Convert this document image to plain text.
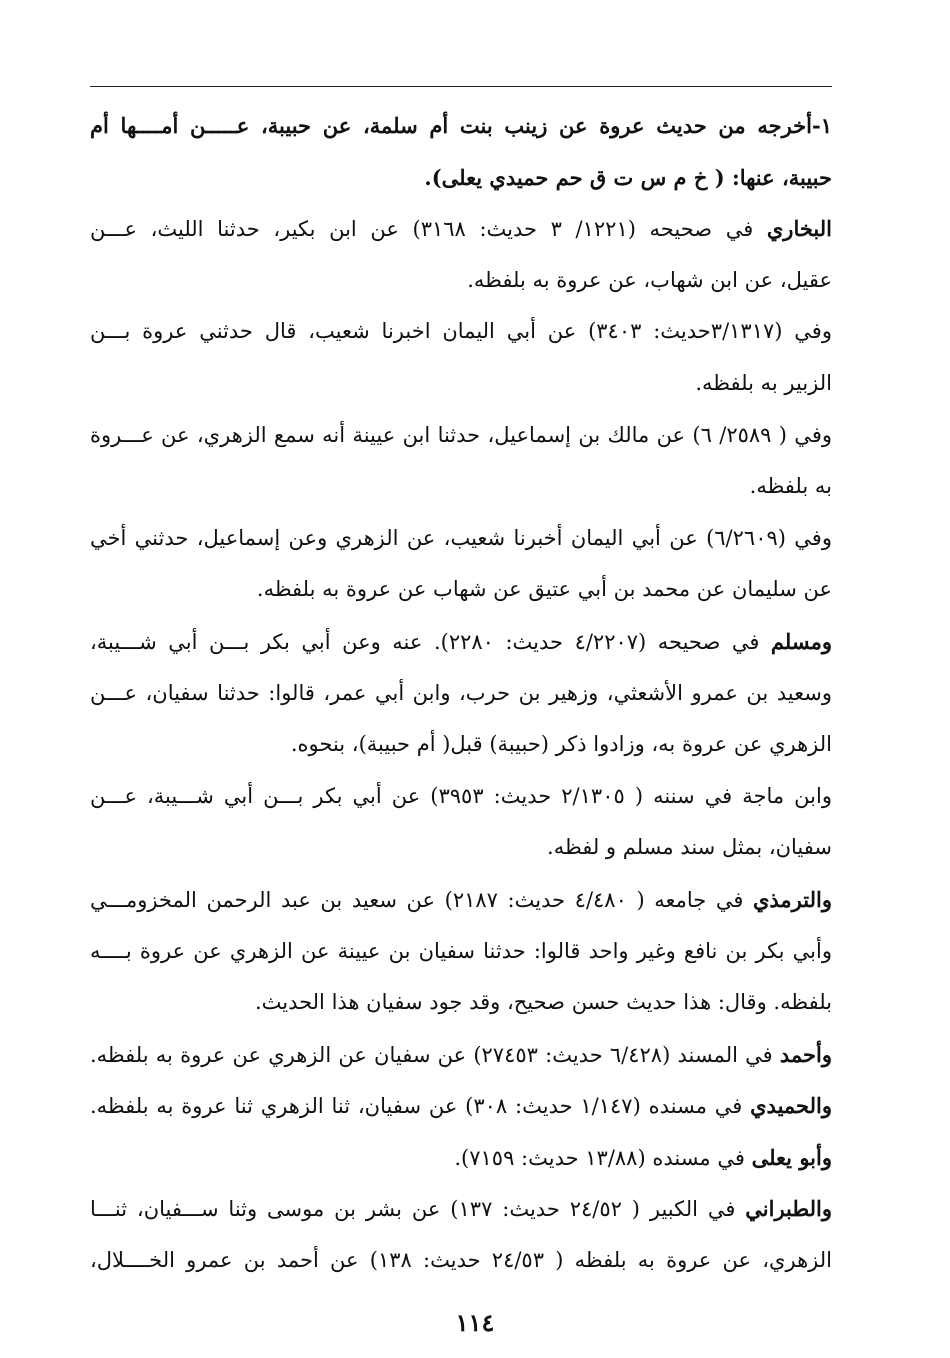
١-أخرجه من حديث عروة عن زينب بنت أم سلمة، عن حبيبة، عـــــن أمــــها أم
حبيبة، عنها: ( خ م س ت ق حم حميدي يعلى).
البخاري في صحيحه (١٢٢١/ ٣ حديث: ٣١٦٨) عن ابن بكير، حدثنا الليث، عـــن
عقيل، عن ابن شهاب، عن عروة به بلفظه.
وفي (٣/١٣١٧حديث: ٣٤٠٣) عن أبي اليمان اخبرنا شعيب، قال حدثني عروة بـــن
الزبير به بلفظه.
وفي ( ٢٥٨٩/ ٦) عن مالك بن إسماعيل، حدثنا ابن عيينة أنه سمع الزهري، عن عـــروة
به بلفظه.
وفي (٦/٢٦٠٩) عن أبي اليمان أخبرنا شعيب، عن الزهري وعن إسماعيل، حدثني أخي
عن سليمان عن محمد بن أبي عتيق عن شهاب عن عروة به بلفظه.
ومسلم في صحيحه (٤/٢٢٠٧ حديث: ٢٢٨٠). عنه وعن أبي بكر بـــن أبي شـــيبة،
وسعيد بن عمرو الأشعثي، وزهير بن حرب، وابن أبي عمر، قالوا: حدثنا سفيان، عـــن
الزهري عن عروة به، وزادوا ذكر (حبيبة) قبل( أم حبيبة)، بنحوه.
وابن ماجة في سننه ( ٢/١٣٠٥ حديث: ٣٩٥٣) عن أبي بكر بـــن أبي شـــيبة، عـــن
سفيان، بمثل سند مسلم و لفظه.
والترمذي في جامعه ( ٤/٤٨٠ حديث: ٢١٨٧) عن سعيد بن عبد الرحمن المخزومـــي
وأبي بكر بن نافع وغير واحد قالوا: حدثنا سفيان بن عيينة عن الزهري عن عروة بــــه
بلفظه. وقال: هذا حديث حسن صحيح، وقد جود سفيان هذا الحديث.
وأحمد في المسند (٦/٤٢٨ حديث: ٢٧٤٥٣) عن سفيان عن الزهري عن عروة به بلفظه.
والحميدي في مسنده (١/١٤٧ حديث: ٣٠٨) عن سفيان، ثنا الزهري ثنا عروة به بلفظه.
وأبو يعلى في مسنده (١٣/٨٨ حديث: ٧١٥٩).
والطبراني في الكبير ( ٢٤/٥٢ حديث: ١٣٧) عن بشر بن موسى وثنا ســـفيان، ثنـــا
الزهري، عن عروة به بلفظه ( ٢٤/٥٣ حديث: ١٣٨) عن أحمد بن عمرو الخــــلال،
١١٤
